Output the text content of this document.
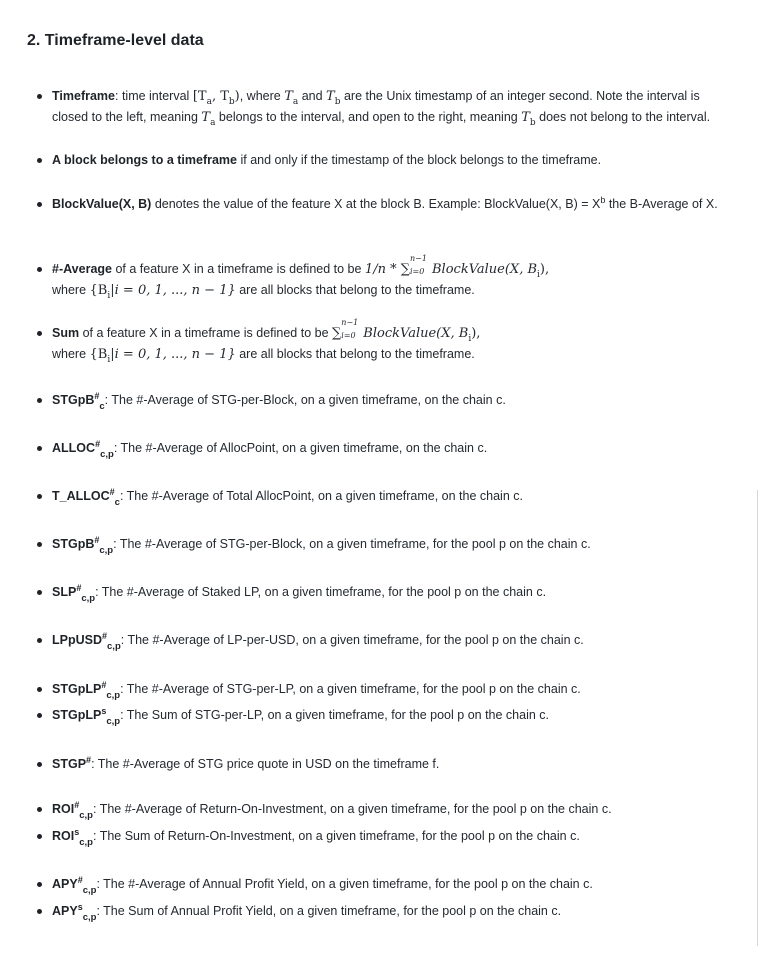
2. Timeframe-level data
Timeframe: time interval [$T_a$, $T_b$), where $T_a$ and $T_b$ are the Unix timestamp of an integer second. Note the interval is closed to the left, meaning $T_a$ belongs to the interval, and open to the right, meaning $T_b$ does not belong to the interval.
A block belongs to a timeframe if and only if the timestamp of the block belongs to the timeframe.
BlockValue(X, B) denotes the value of the feature X at the block B. Example: BlockValue(X, $B) = X^b$ the B-Average of X.
#-Average of a feature X in a timeframe is defined to be 1/n * ∑
n−1
i=0 BlockValue(X, $B_i$),
where {$B_i|i = 0$, 1, ..., n − 1} are all blocks that belong to the timeframe.
Sum of a feature X in a timeframe is defined to be ∑
n−1
i=0 BlockValue(X, $B_i$),
where {$B_i|i = 0$, 1, ..., n − 1} are all blocks that belong to the timeframe.
STGpB#$_c$: The #-Average of STG-per-Block, on a given timeframe, on the chain c.
$ALLOC^{\#}_{c,p}$: The #-Average of AllocPoint, on a given timeframe, on the chain c.
$T\_ALLOC^{\#}_c$: The #-Average of Total AllocPoint, on a given timeframe, on the chain c.
STGpB#$_{c,p}$: The #-Average of STG-per-Block, on a given timeframe, for the pool p on the chain c.
$SLP^{\#}_{c,p}$: The #-Average of Staked LP, on a given timeframe, for the pool p on the chain c.
LPpUSD#$_{c,p}$: The #-Average of LP-per-USD, on a given timeframe, for the pool p on the chain c.
STGpLP#$_{c,p}$: The #-Average of STG-per-LP, on a given timeframe, for the pool p on the chain c.
STGpLP$^s_{c,p}$: The Sum of STG-per-LP, on a given timeframe, for the pool p on the chain c.
STGP#: The #-Average of STG price quote in USD on the timeframe f.
$ROI^{\#}_{c,p}$: The #-Average of Return-On-Investment, on a given timeframe, for the pool p on the chain c.
$ROI^s_{c,p}$: The Sum of Return-On-Investment, on a given timeframe, for the pool p on the chain c.
$APY^{\#}_{c,p}$: The #-Average of Annual Profit Yield, on a given timeframe, for the pool p on the chain c.
$APY^s_{c,p}$: The Sum of Annual Profit Yield, on a given timeframe, for the pool p on the chain c.
